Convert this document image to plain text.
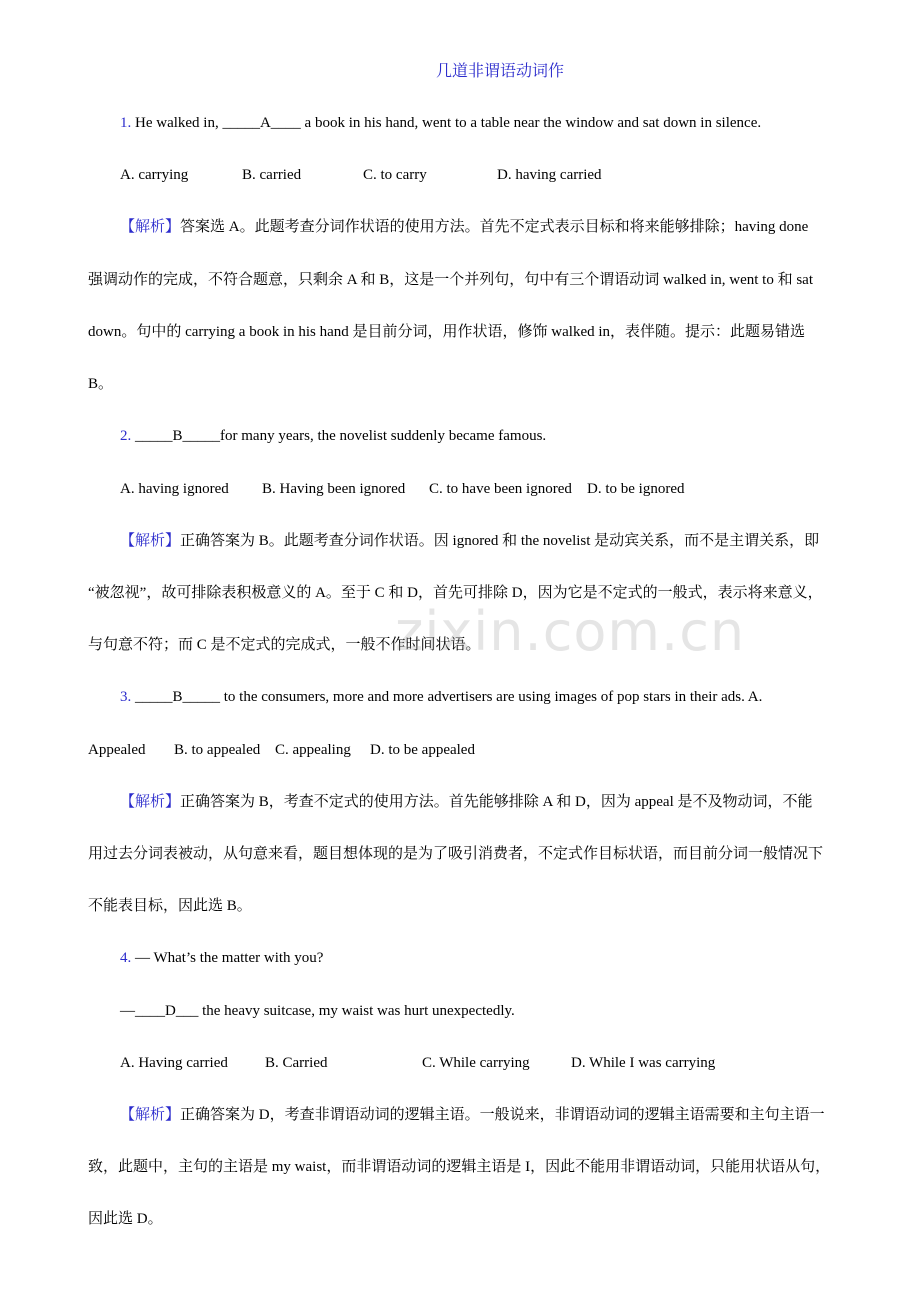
几道非谓语动词作
1. He walked in, _____A____ a book in his hand, went to a table near the window and sat down in silence.
A. carrying	B. carried	C. to carry	D. having carried
【解析】答案选 A。此题考查分词作状语的使用方法。首先不定式表示目标和将来能够排除；having done
强调动作的完成，不符合题意，只剩余 A 和 B，这是一个并列句，句中有三个谓语动词 walked in, went to 和 sat
down。句中的 carrying a book in his hand 是目前分词，用作状语，修饰 walked in，表伴随。提示：此题易错选
B。
2. _____B_____for many years, the novelist suddenly became famous.
A. having ignored B. Having been ignored C. to have been ignored D. to be ignored
【解析】正确答案为 B。此题考查分词作状语。因 ignored 和 the novelist 是动宾关系，而不是主谓关系，即
“被忽视”，故可排除表积极意义的 A。至于 C 和 D，首先可排除 D，因为它是不定式的一般式，表示将来意义，
与句意不符；而 C 是不定式的完成式，一般不作时间状语。
3. _____B_____ to the consumers, more and more advertisers are using images of pop stars in their ads. A.
Appealed B. to appealed C. appealing D. to be appealed
【解析】正确答案为 B，考查不定式的使用方法。首先能够排除 A 和 D，因为 appeal 是不及物动词，不能
用过去分词表被动，从句意来看，题目想体现的是为了吸引消费者，不定式作目标状语，而目前分词一般情况下
不能表目标，因此选 B。
4. — What’s the matter with you?
—____D___ the heavy suitcase, my waist was hurt unexpectedly.
A. Having carried B. Carried	C. While carrying	D. While I was carrying
【解析】正确答案为 D，考查非谓语动词的逻辑主语。一般说来，非谓语动词的逻辑主语需要和主句主语一
致，此题中，主句的主语是 my waist，而非谓语动词的逻辑主语是 I，因此不能用非谓语动词，只能用状语从句，
因此选 D。
zixin.com.cn
